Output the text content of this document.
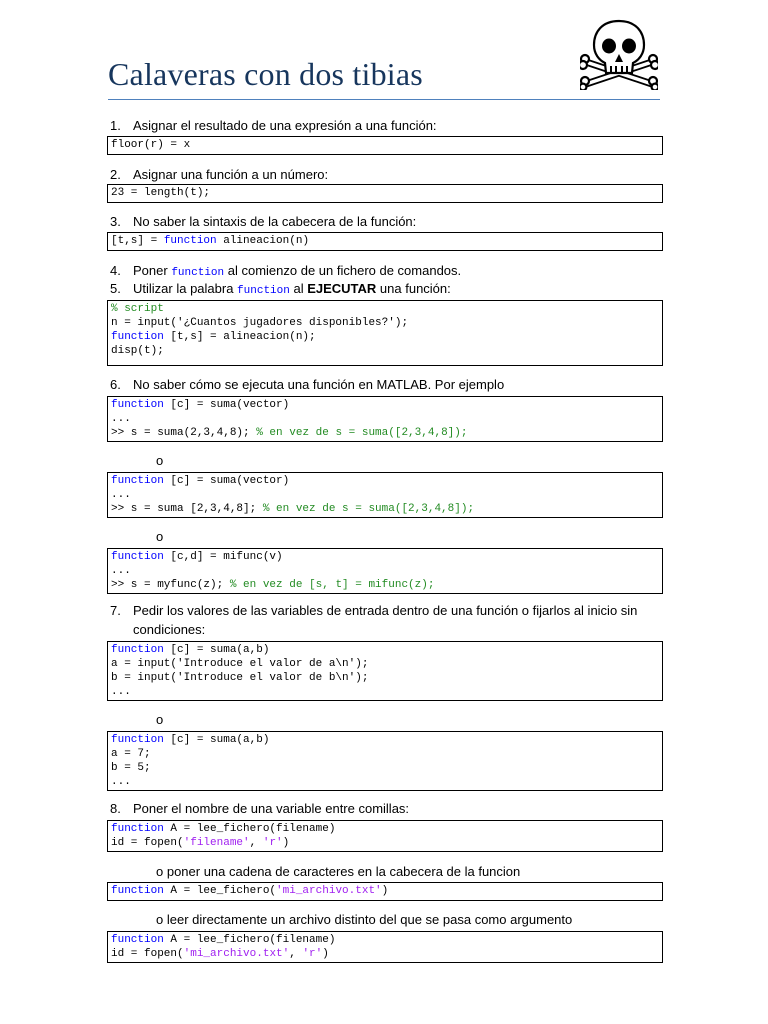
Calaveras con dos tibias
1. Asignar el resultado de una expresión a una función:
floor(r) = x
2. Asignar una función a un número:
23 = length(t);
3. No saber la sintaxis de la cabecera de la función:
[t,s] = function alineacion(n)
4. Poner function al comienzo de un fichero de comandos.
5. Utilizar la palabra function al EJECUTAR una función:
% script
n = input('¿Cuantos jugadores disponibles?');
function [t,s] = alineacion(n);
disp(t);
6. No saber cómo se ejecuta una función en MATLAB. Por ejemplo
function [c] = suma(vector)
...
>> s = suma(2,3,4,8); % en vez de s = suma([2,3,4,8]);
o
function [c] = suma(vector)
...
>> s = suma [2,3,4,8]; % en vez de s = suma([2,3,4,8]);
o
function [c,d] = mifunc(v)
...
>> s = myfunc(z); % en vez de [s, t] = mifunc(z);
7. Pedir los valores de las variables de entrada dentro de una función o fijarlos al inicio sin
condiciones:
function [c] = suma(a,b)
a = input('Introduce el valor de a\n');
b = input('Introduce el valor de b\n');
...
o
function [c] = suma(a,b)
a = 7;
b = 5;
...
8. Poner el nombre de una variable entre comillas:
function A = lee_fichero(filename)
id = fopen('filename', 'r')
o poner una cadena de caracteres en la cabecera de la funcion
function A = lee_fichero('mi_archivo.txt')
o leer directamente un archivo distinto del que se pasa como argumento
function A = lee_fichero(filename)
id = fopen('mi_archivo.txt', 'r')
